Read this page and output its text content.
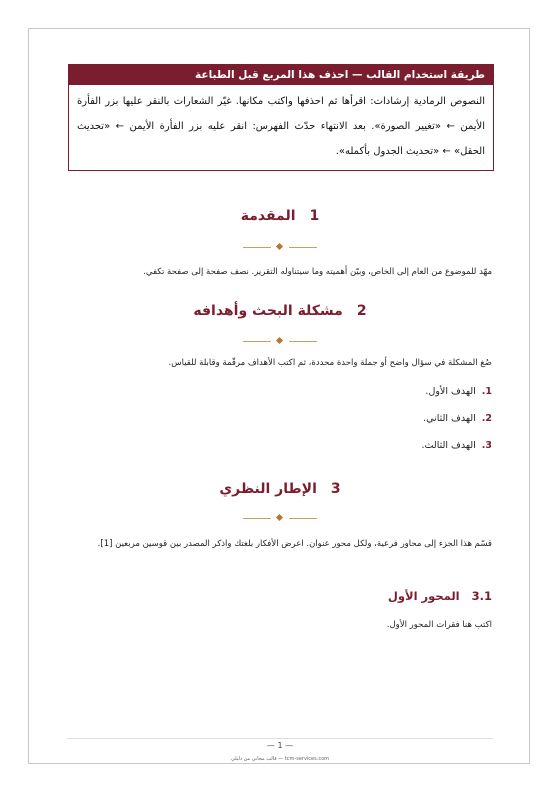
طريقة استخدام القالب — احذف هذا المربع قبل الطباعة
النصوص الرمادية إرشادات: اقرأها ثم احذفها واكتب مكانها. غيّر الشعارات بالنقر عليها بزر الفأرة الأيمن ← «تغيير الصورة». بعد الانتهاء حدّث الفهرس: انقر عليه بزر الفأرة الأيمن ← «تحديث الحقل» ← «تحديث الجدول بأكمله».
1المقدمة
مهّد للموضوع من العام إلى الخاص، وبيّن أهميته وما سيتناوله التقرير. نصف صفحة إلى صفحة تكفي.
2مشكلة البحث وأهدافه
صُغ المشكلة في سؤال واضح أو جملة واحدة محددة، ثم اكتب الأهداف مرقّمة وقابلة للقياس.
1.الهدف الأول.
2.الهدف الثاني.
3.الهدف الثالث.
3الإطار النظري
قسّم هذا الجزء إلى محاور فرعية، ولكل محور عنوان. اعرض الأفكار بلغتك واذكر المصدر بين قوسين مربعين [1].
3.1المحور الأول
اكتب هنا فقرات المحور الأول.
— 1 —
قالب مجاني من دليلي — tcm-services.com
